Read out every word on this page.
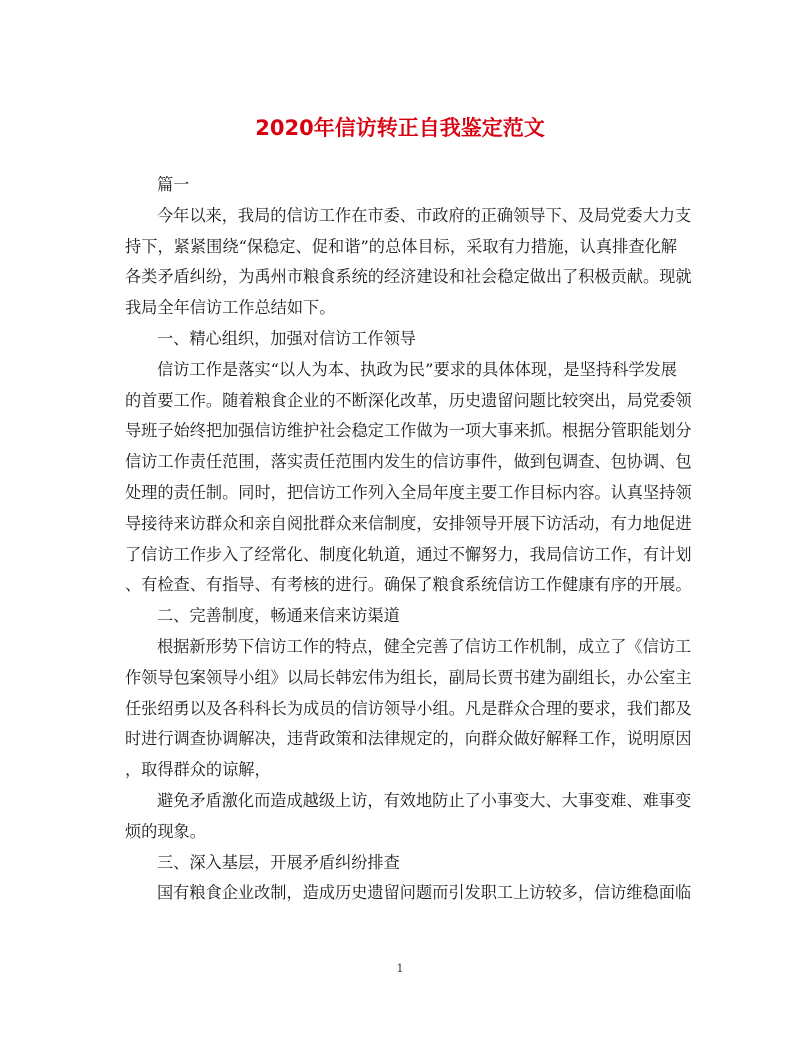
2020年信访转正自我鉴定范文
篇一
今年以来，我局的信访工作在市委、市政府的正确领导下、及局党委大力支
持下，紧紧围绕“保稳定、促和谐”的总体目标，采取有力措施，认真排查化解
各类矛盾纠纷，为禹州市粮食系统的经济建设和社会稳定做出了积极贡献。现就
我局全年信访工作总结如下。
一、精心组织，加强对信访工作领导
信访工作是落实“以人为本、执政为民”要求的具体体现，是坚持科学发展
的首要工作。随着粮食企业的不断深化改革，历史遗留问题比较突出，局党委领
导班子始终把加强信访维护社会稳定工作做为一项大事来抓。根据分管职能划分
信访工作责任范围，落实责任范围内发生的信访事件，做到包调查、包协调、包
处理的责任制。同时，把信访工作列入全局年度主要工作目标内容。认真坚持领
导接待来访群众和亲自阅批群众来信制度，安排领导开展下访活动，有力地促进
了信访工作步入了经常化、制度化轨道，通过不懈努力，我局信访工作，有计划
、有检查、有指导、有考核的进行。确保了粮食系统信访工作健康有序的开展。
二、完善制度，畅通来信来访渠道
根据新形势下信访工作的特点，健全完善了信访工作机制，成立了《信访工
作领导包案领导小组》以局长韩宏伟为组长，副局长贾书建为副组长，办公室主
任张绍勇以及各科科长为成员的信访领导小组。凡是群众合理的要求，我们都及
时进行调查协调解决，违背政策和法律规定的，向群众做好解释工作，说明原因
，取得群众的谅解，
避免矛盾激化而造成越级上访，有效地防止了小事变大、大事变难、难事变
烦的现象。
三、深入基层，开展矛盾纠纷排查
国有粮食企业改制，造成历史遗留问题而引发职工上访较多，信访维稳面临
1
